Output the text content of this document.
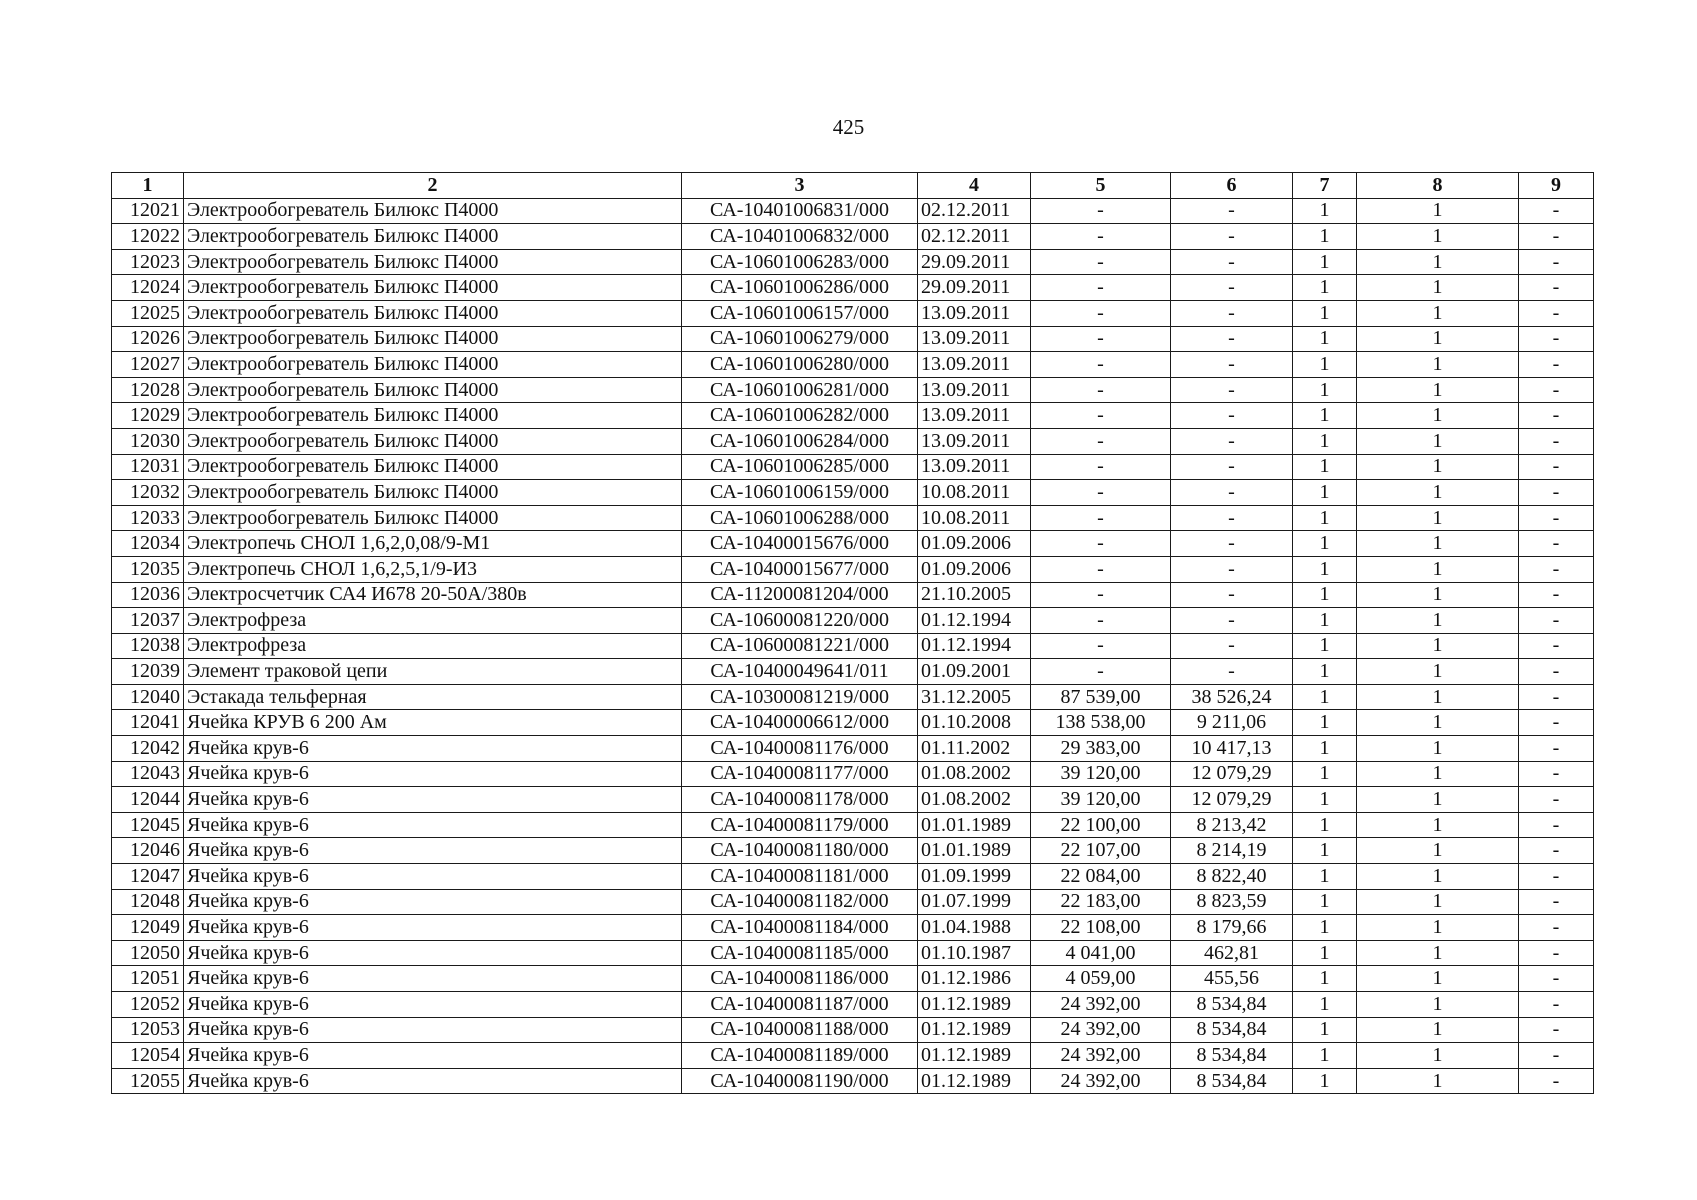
425
1	2	3	4	5	6	7	8	9
12021	Электрообогреватель Билюкс П4000	СА-10401006831/000	02.12.2011	-	-	1	1	-
12022	Электрообогреватель Билюкс П4000	СА-10401006832/000	02.12.2011	-	-	1	1	-
12023	Электрообогреватель Билюкс П4000	СА-10601006283/000	29.09.2011	-	-	1	1	-
12024	Электрообогреватель Билюкс П4000	СА-10601006286/000	29.09.2011	-	-	1	1	-
12025	Электрообогреватель Билюкс П4000	СА-10601006157/000	13.09.2011	-	-	1	1	-
12026	Электрообогреватель Билюкс П4000	СА-10601006279/000	13.09.2011	-	-	1	1	-
12027	Электрообогреватель Билюкс П4000	СА-10601006280/000	13.09.2011	-	-	1	1	-
12028	Электрообогреватель Билюкс П4000	СА-10601006281/000	13.09.2011	-	-	1	1	-
12029	Электрообогреватель Билюкс П4000	СА-10601006282/000	13.09.2011	-	-	1	1	-
12030	Электрообогреватель Билюкс П4000	СА-10601006284/000	13.09.2011	-	-	1	1	-
12031	Электрообогреватель Билюкс П4000	СА-10601006285/000	13.09.2011	-	-	1	1	-
12032	Электрообогреватель Билюкс П4000	СА-10601006159/000	10.08.2011	-	-	1	1	-
12033	Электрообогреватель Билюкс П4000	СА-10601006288/000	10.08.2011	-	-	1	1	-
12034	Электропечь СНОЛ 1,6,2,0,08/9-М1	СА-10400015676/000	01.09.2006	-	-	1	1	-
12035	Электропечь СНОЛ 1,6,2,5,1/9-И3	СА-10400015677/000	01.09.2006	-	-	1	1	-
12036	Электросчетчик СА4 И678 20-50А/380в	СА-11200081204/000	21.10.2005	-	-	1	1	-
12037	Электрофреза	СА-10600081220/000	01.12.1994	-	-	1	1	-
12038	Электрофреза	СА-10600081221/000	01.12.1994	-	-	1	1	-
12039	Элемент траковой цепи	СА-10400049641/011	01.09.2001	-	-	1	1	-
12040	Эстакада тельферная	СА-10300081219/000	31.12.2005	87 539,00	38 526,24	1	1	-
12041	Ячейка КРУВ 6 200 Ам	СА-10400006612/000	01.10.2008	138 538,00	9 211,06	1	1	-
12042	Ячейка крув-6	СА-10400081176/000	01.11.2002	29 383,00	10 417,13	1	1	-
12043	Ячейка крув-6	СА-10400081177/000	01.08.2002	39 120,00	12 079,29	1	1	-
12044	Ячейка крув-6	СА-10400081178/000	01.08.2002	39 120,00	12 079,29	1	1	-
12045	Ячейка крув-6	СА-10400081179/000	01.01.1989	22 100,00	8 213,42	1	1	-
12046	Ячейка крув-6	СА-10400081180/000	01.01.1989	22 107,00	8 214,19	1	1	-
12047	Ячейка крув-6	СА-10400081181/000	01.09.1999	22 084,00	8 822,40	1	1	-
12048	Ячейка крув-6	СА-10400081182/000	01.07.1999	22 183,00	8 823,59	1	1	-
12049	Ячейка крув-6	СА-10400081184/000	01.04.1988	22 108,00	8 179,66	1	1	-
12050	Ячейка крув-6	СА-10400081185/000	01.10.1987	4 041,00	462,81	1	1	-
12051	Ячейка крув-6	СА-10400081186/000	01.12.1986	4 059,00	455,56	1	1	-
12052	Ячейка крув-6	СА-10400081187/000	01.12.1989	24 392,00	8 534,84	1	1	-
12053	Ячейка крув-6	СА-10400081188/000	01.12.1989	24 392,00	8 534,84	1	1	-
12054	Ячейка крув-6	СА-10400081189/000	01.12.1989	24 392,00	8 534,84	1	1	-
12055	Ячейка крув-6	СА-10400081190/000	01.12.1989	24 392,00	8 534,84	1	1	-
